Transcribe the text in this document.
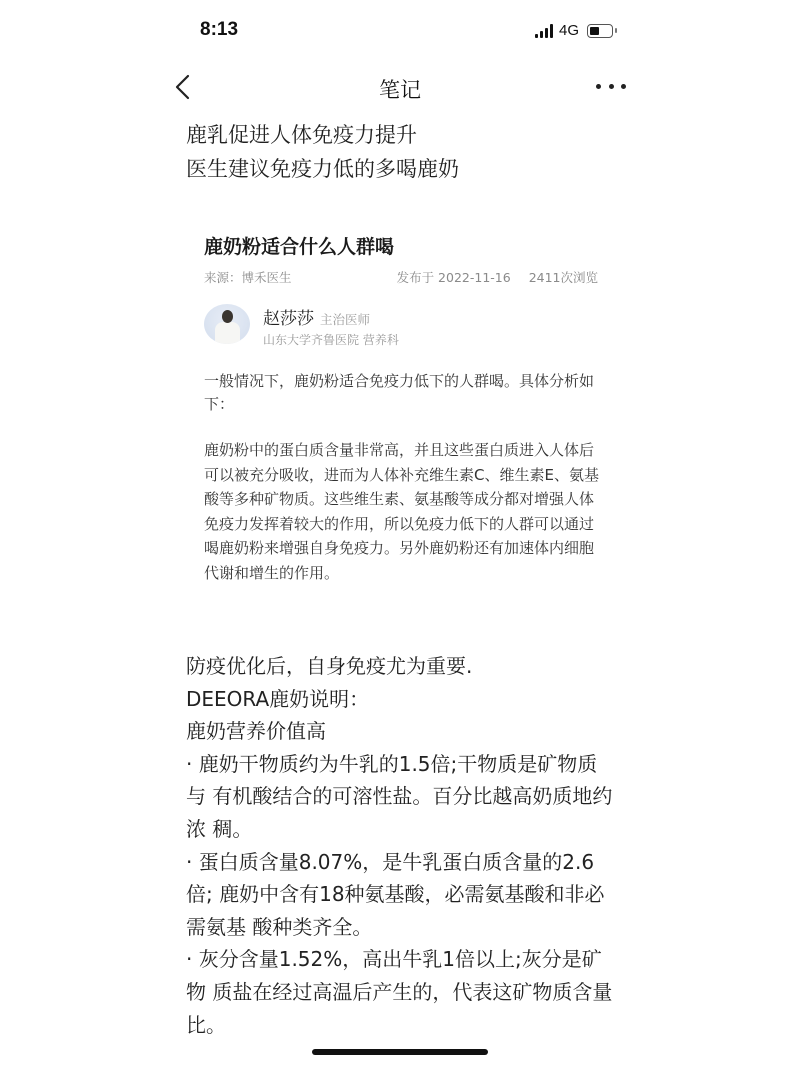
8:13	4G
笔记
鹿乳促进人体免疫力提升
医生建议免疫力低的多喝鹿奶
鹿奶粉适合什么人群喝
来源：博禾医生	发布于 2022-11-16 2411次浏览
赵莎莎 主治医师
山东大学齐鲁医院 营养科
一般情况下，鹿奶粉适合免疫力低下的人群喝。具体分析如下：
鹿奶粉中的蛋白质含量非常高，并且这些蛋白质进入人体后可以被充分吸收，进而为人体补充维生素C、维生素E、氨基酸等多种矿物质。这些维生素、氨基酸等成分都对增强人体免疫力发挥着较大的作用，所以免疫力低下的人群可以通过喝鹿奶粉来增强自身免疫力。另外鹿奶粉还有加速体内细胞代谢和增生的作用。

防疫优化后，自身免疫尤为重要.

DEEORA鹿奶说明：

鹿奶营养价值高

· 鹿奶干物质约为牛乳的1.5倍;干物质是矿物质与 有机酸结合的可溶性盐。百分比越高奶质地约浓 稠。

· 蛋白质含量8.07%，是牛乳蛋白质含量的2.6倍; 鹿奶中含有18种氨基酸，必需氨基酸和非必需氨基 酸种类齐全。

· 灰分含量1.52%，高出牛乳1倍以上;灰分是矿物 质盐在经过高温后产生的，代表这矿物质含量比。
